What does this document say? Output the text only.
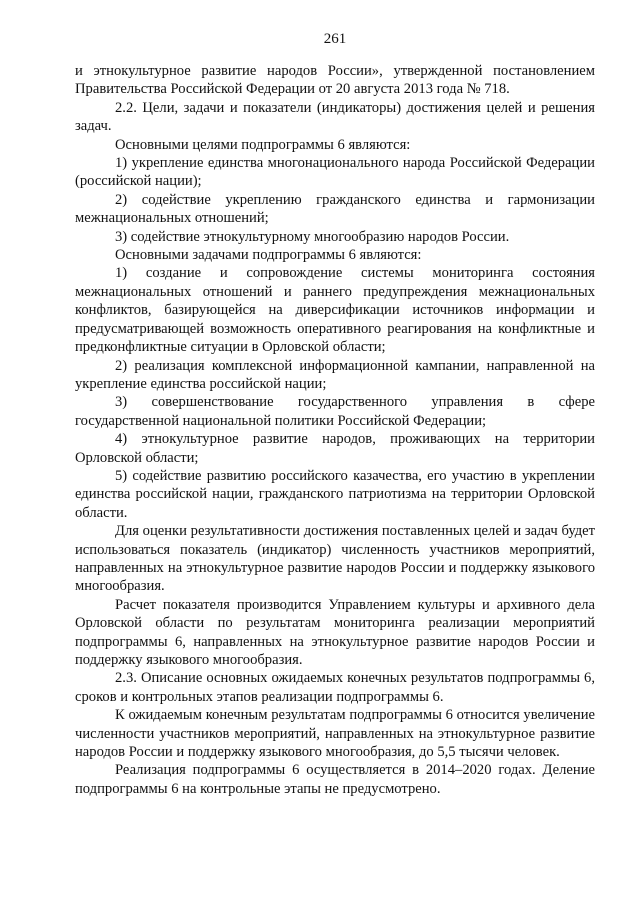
261

и этнокультурное развитие народов России», утвержденной постановлением Правительства Российской Федерации от 20 августа 2013 года № 718.

2.2. Цели, задачи и показатели (индикаторы) достижения целей и решения задач.

Основными целями подпрограммы 6 являются:

1) укрепление единства многонационального народа Российской Федерации (российской нации);

2) содействие укреплению гражданского единства и гармонизации межнациональных отношений;

3) содействие этнокультурному многообразию народов России.

Основными задачами подпрограммы 6 являются:

1) создание и сопровождение системы мониторинга состояния межнациональных отношений и раннего предупреждения межнациональных конфликтов, базирующейся на диверсификации источников информации и предусматривающей возможность оперативного реагирования на конфликтные и предконфликтные ситуации в Орловской области;

2) реализация комплексной информационной кампании, направленной на укрепление единства российской нации;

3) совершенствование государственного управления в сфере государственной национальной политики Российской Федерации;

4) этнокультурное развитие народов, проживающих на территории Орловской области;

5) содействие развитию российского казачества, его участию в укреплении единства российской нации, гражданского патриотизма на территории Орловской области.

Для оценки результативности достижения поставленных целей и задач будет использоваться показатель (индикатор) численность участников мероприятий, направленных на этнокультурное развитие народов России и поддержку языкового многообразия.

Расчет показателя производится Управлением культуры и архивного дела Орловской области по результатам мониторинга реализации мероприятий подпрограммы 6, направленных на этнокультурное развитие народов России и поддержку языкового многообразия.

2.3. Описание основных ожидаемых конечных результатов подпрограммы 6, сроков и контрольных этапов реализации подпрограммы 6.

К ожидаемым конечным результатам подпрограммы 6 относится увеличение численности участников мероприятий, направленных на этнокультурное развитие народов России и поддержку языкового многообразия, до 5,5 тысячи человек.

Реализация подпрограммы 6 осуществляется в 2014–2020 годах. Деление подпрограммы 6 на контрольные этапы не предусмотрено.
